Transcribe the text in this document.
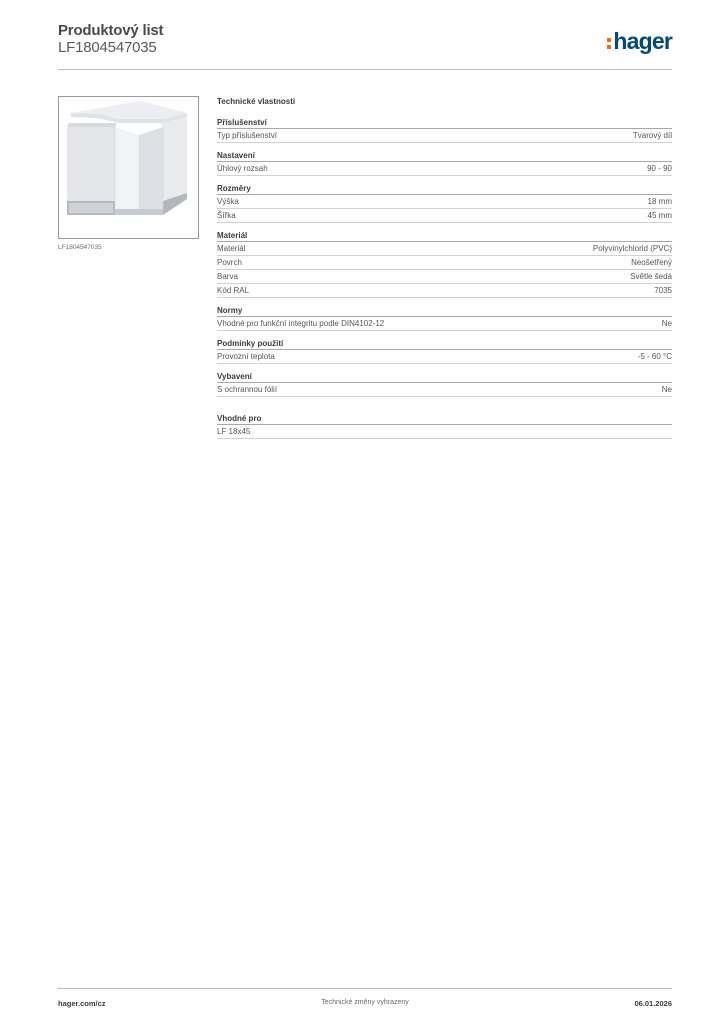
Produktový list
LF1804547035	hager
LF1804547035
Technické vlastnosti
Příslušenství
Typ příslušenství	Tvarový díl
Nastavení
Úhlový rozsah	90 - 90
Rozměry
Výška	18 mm
Šířka	45 mm
Materiál
Materiál	Polyvinylchlorid (PVC)
Povrch	Neošetřený
Barva	Světle šedá
Kód RAL	7035
Normy
Vhodné pro funkční integritu podle DIN4102-12	Ne
Podmínky použití
Provozní teplota	-5 - 60 °C
Vybavení
S ochrannou fólií	Ne
Vhodné pro
LF 18x45
hager.com/cz	Technické změny vyhrazeny	06.01.2026
